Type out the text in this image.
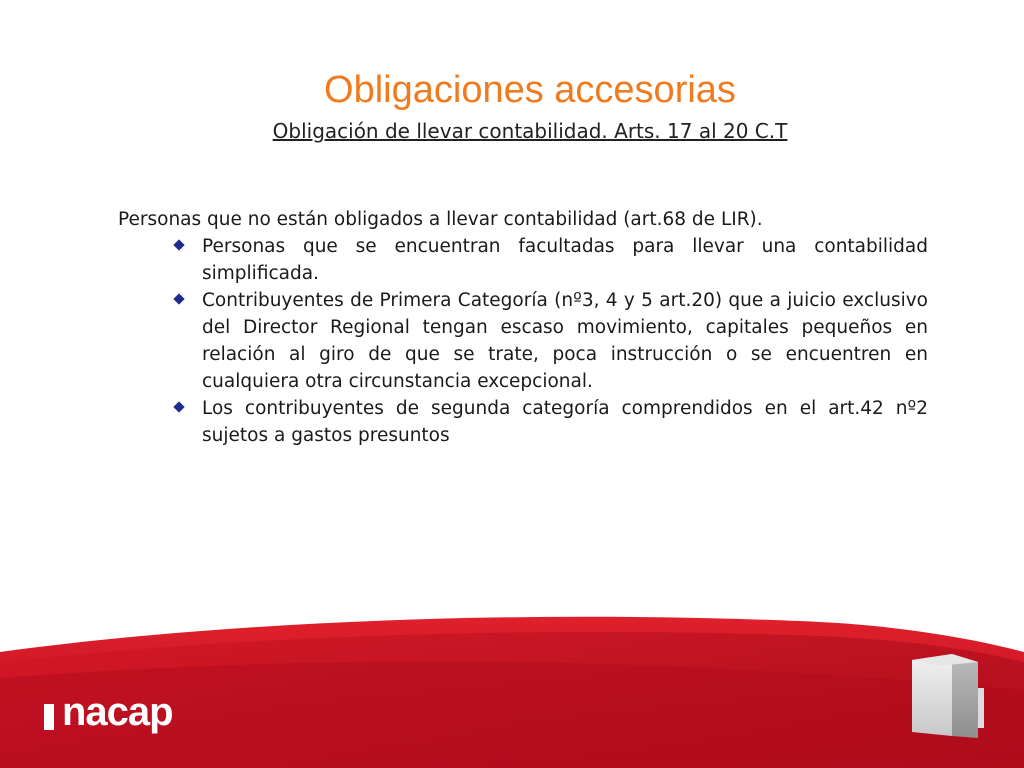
Obligaciones accesorias
Obligación de llevar contabilidad. Arts. 17 al 20 C.T

Personas que no están obligados a llevar contabilidad (art.68 de LIR).

Personas que se encuentran facultadas para llevar una contabilidad simplificada.
Contribuyentes de Primera Categoría (nº3, 4 y 5 art.20) que a juicio exclusivo del Director Regional tengan escaso movimiento, capitales pequeños en relación al giro de que se trate, poca instrucción o se encuentren en cualquiera otra circunstancia excepcional.
Los contribuyentes de segunda categoría comprendidos en el art.42 nº2 sujetos a gastos presuntos
nacap
